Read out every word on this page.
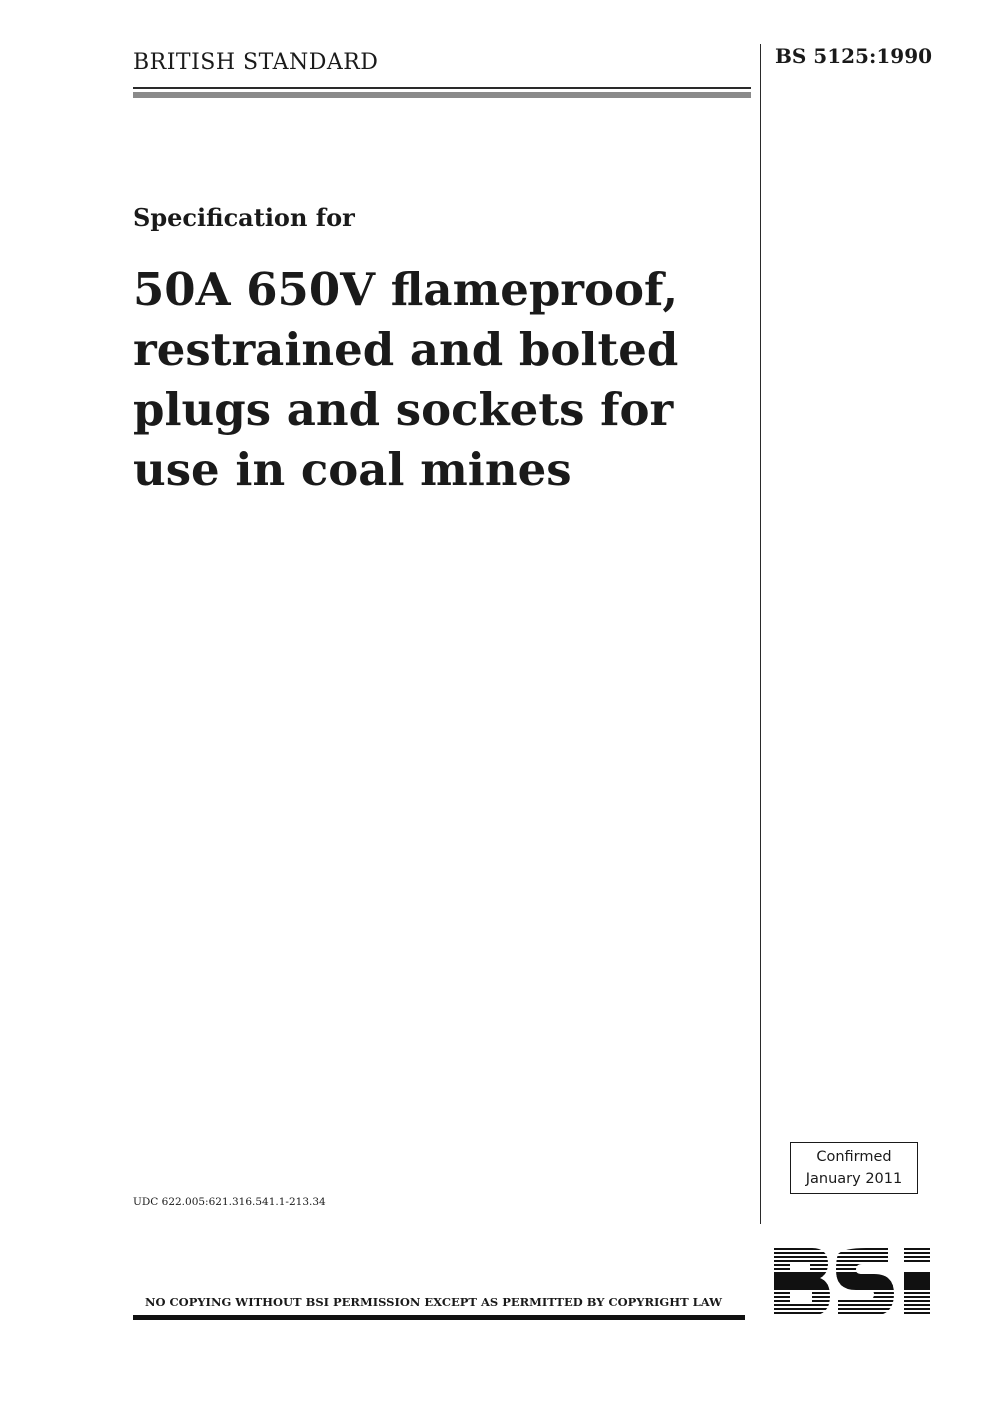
BRITISH STANDARD	BS 5125:1990
Specification for
50A 650V flameproof,
restrained and bolted
plugs and sockets for
use in coal mines
Confirmed
January 2011
UDC 622.005:621.316.541.1-213.34
NO COPYING WITHOUT BSI PERMISSION EXCEPT AS PERMITTED BY COPYRIGHT LAW
